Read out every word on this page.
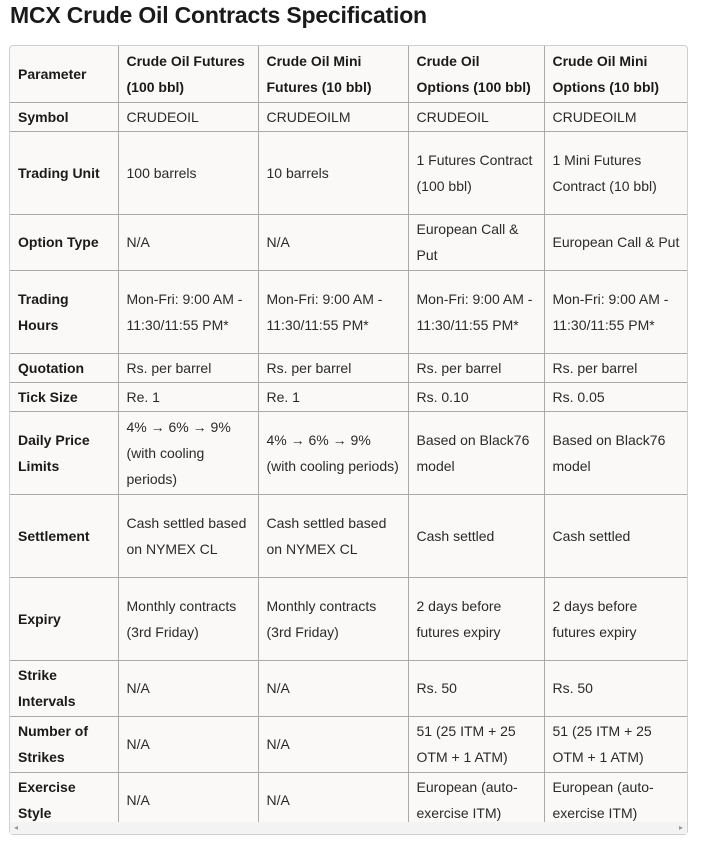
MCX Crude Oil Contracts Specification
Parameter	Crude Oil Futures (100 bbl)	Crude Oil Mini Futures (10 bbl)	Crude Oil Options (100 bbl)	Crude Oil Mini Options (10 bbl)
Symbol	CRUDEOIL	CRUDEOILM	CRUDEOIL	CRUDEOILM
Trading Unit	100 barrels	10 barrels	1 Futures Contract (100 bbl)	1 Mini Futures Contract (10 bbl)
Option Type	N/A	N/A	European Call & Put	European Call & Put
Trading Hours	Mon-Fri: 9:00 AM - 11:30/11:55 PM*	Mon-Fri: 9:00 AM - 11:30/11:55 PM*	Mon-Fri: 9:00 AM - 11:30/11:55 PM*	Mon-Fri: 9:00 AM - 11:30/11:55 PM*
Quotation	Rs. per barrel	Rs. per barrel	Rs. per barrel	Rs. per barrel
Tick Size	Re. 1	Re. 1	Rs. 0.10	Rs. 0.05
Daily Price Limits	4% → 6% → 9% (with cooling periods)	4% → 6% → 9% (with cooling periods)	Based on Black76 model	Based on Black76 model
Settlement	Cash settled based on NYMEX CL	Cash settled based on NYMEX CL	Cash settled	Cash settled
Expiry	Monthly contracts (3rd Friday)	Monthly contracts (3rd Friday)	2 days before futures expiry	2 days before futures expiry
Strike Intervals	N/A	N/A	Rs. 50	Rs. 50
Number of Strikes	N/A	N/A	51 (25 ITM + 25 OTM + 1 ATM)	51 (25 ITM + 25 OTM + 1 ATM)
Exercise Style	N/A	N/A	European (auto-exercise ITM)	European (auto-exercise ITM)
◂	▸
